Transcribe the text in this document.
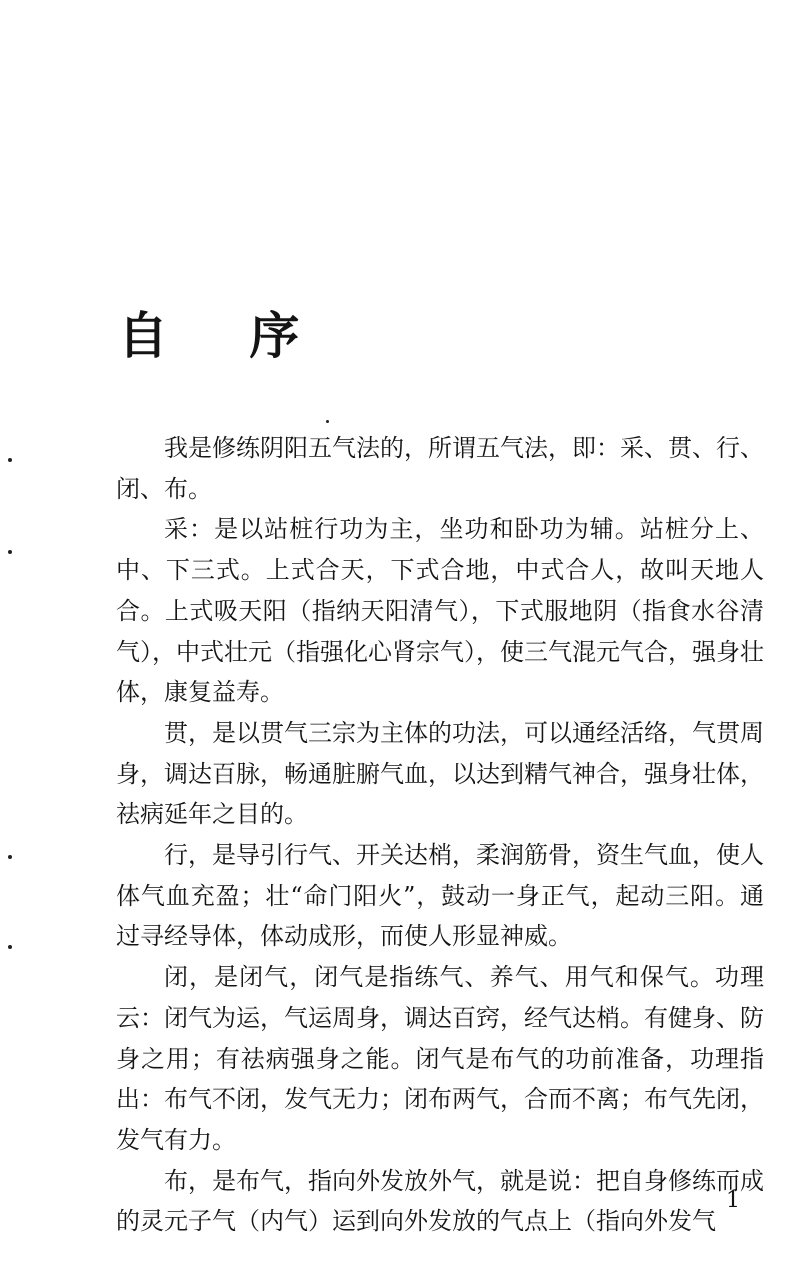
自 序

我是修练阴阳五气法的，所谓五气法，即：采、贯、行、闭、布。

采：是以站桩行功为主，坐功和卧功为辅。站桩分上、中、下三式。上式合天，下式合地，中式合人，故叫天地人合。上式吸天阳（指纳天阳清气），下式服地阴（指食水谷清气），中式壮元（指强化心肾宗气），使三气混元气合，强身壮体，康复益寿。

贯，是以贯气三宗为主体的功法，可以通经活络，气贯周身，调达百脉，畅通脏腑气血，以达到精气神合，强身壮体，祛病延年之目的。

行，是导引行气、开关达梢，柔润筋骨，资生气血，使人体气血充盈；壮“命门阳火”，鼓动一身正气，起动三阳。通过寻经导体，体动成形，而使人形显神威。

闭，是闭气，闭气是指练气、养气、用气和保气。功理云：闭气为运，气运周身，调达百窍，经气达梢。有健身、防身之用；有祛病强身之能。闭气是布气的功前准备，功理指出：布气不闭，发气无力；闭布两气，合而不离；布气先闭，发气有力。

布，是布气，指向外发放外气，就是说：把自身修练而成的灵元子气（内气）运到向外发放的气点上（指向外发气

1
